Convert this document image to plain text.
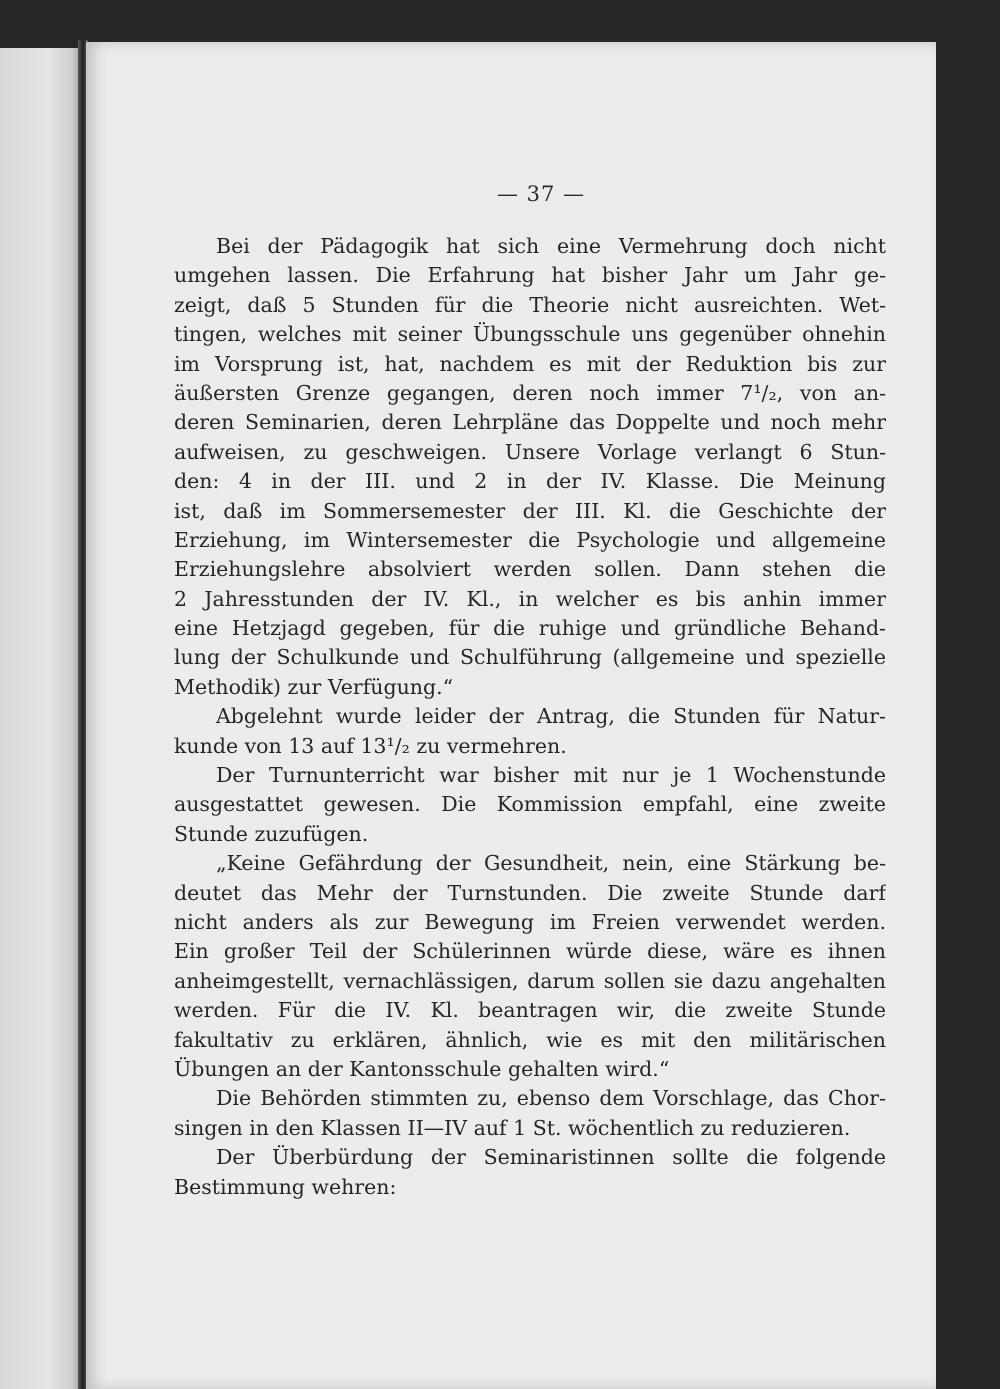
— 37 —
Bei der Pädagogik hat sich eine Vermehrung doch nicht
umgehen lassen. Die Erfahrung hat bisher Jahr um Jahr ge-
zeigt, daß 5 Stunden für die Theorie nicht ausreichten. Wet-
tingen, welches mit seiner Übungsschule uns gegenüber ohnehin
im Vorsprung ist, hat, nachdem es mit der Reduktion bis zur
äußersten Grenze gegangen, deren noch immer 7¹/₂, von an-
deren Seminarien, deren Lehrpläne das Doppelte und noch mehr
aufweisen, zu geschweigen. Unsere Vorlage verlangt 6 Stun-
den: 4 in der III. und 2 in der IV. Klasse. Die Meinung
ist, daß im Sommersemester der III. Kl. die Geschichte der
Erziehung, im Wintersemester die Psychologie und allgemeine
Erziehungslehre absolviert werden sollen. Dann stehen die
2 Jahresstunden der IV. Kl., in welcher es bis anhin immer
eine Hetzjagd gegeben, für die ruhige und gründliche Behand-
lung der Schulkunde und Schulführung (allgemeine und spezielle
Methodik) zur Verfügung.“
Abgelehnt wurde leider der Antrag, die Stunden für Natur-
kunde von 13 auf 13¹/₂ zu vermehren.
Der Turnunterricht war bisher mit nur je 1 Wochenstunde
ausgestattet gewesen. Die Kommission empfahl, eine zweite
Stunde zuzufügen.
„Keine Gefährdung der Gesundheit, nein, eine Stärkung be-
deutet das Mehr der Turnstunden. Die zweite Stunde darf
nicht anders als zur Bewegung im Freien verwendet werden.
Ein großer Teil der Schülerinnen würde diese, wäre es ihnen
anheimgestellt, vernachlässigen, darum sollen sie dazu angehalten
werden. Für die IV. Kl. beantragen wir, die zweite Stunde
fakultativ zu erklären, ähnlich, wie es mit den militärischen
Übungen an der Kantonsschule gehalten wird.“
Die Behörden stimmten zu, ebenso dem Vorschlage, das Chor-
singen in den Klassen II—IV auf 1 St. wöchentlich zu reduzieren.
Der Überbürdung der Seminaristinnen sollte die folgende
Bestimmung wehren:
